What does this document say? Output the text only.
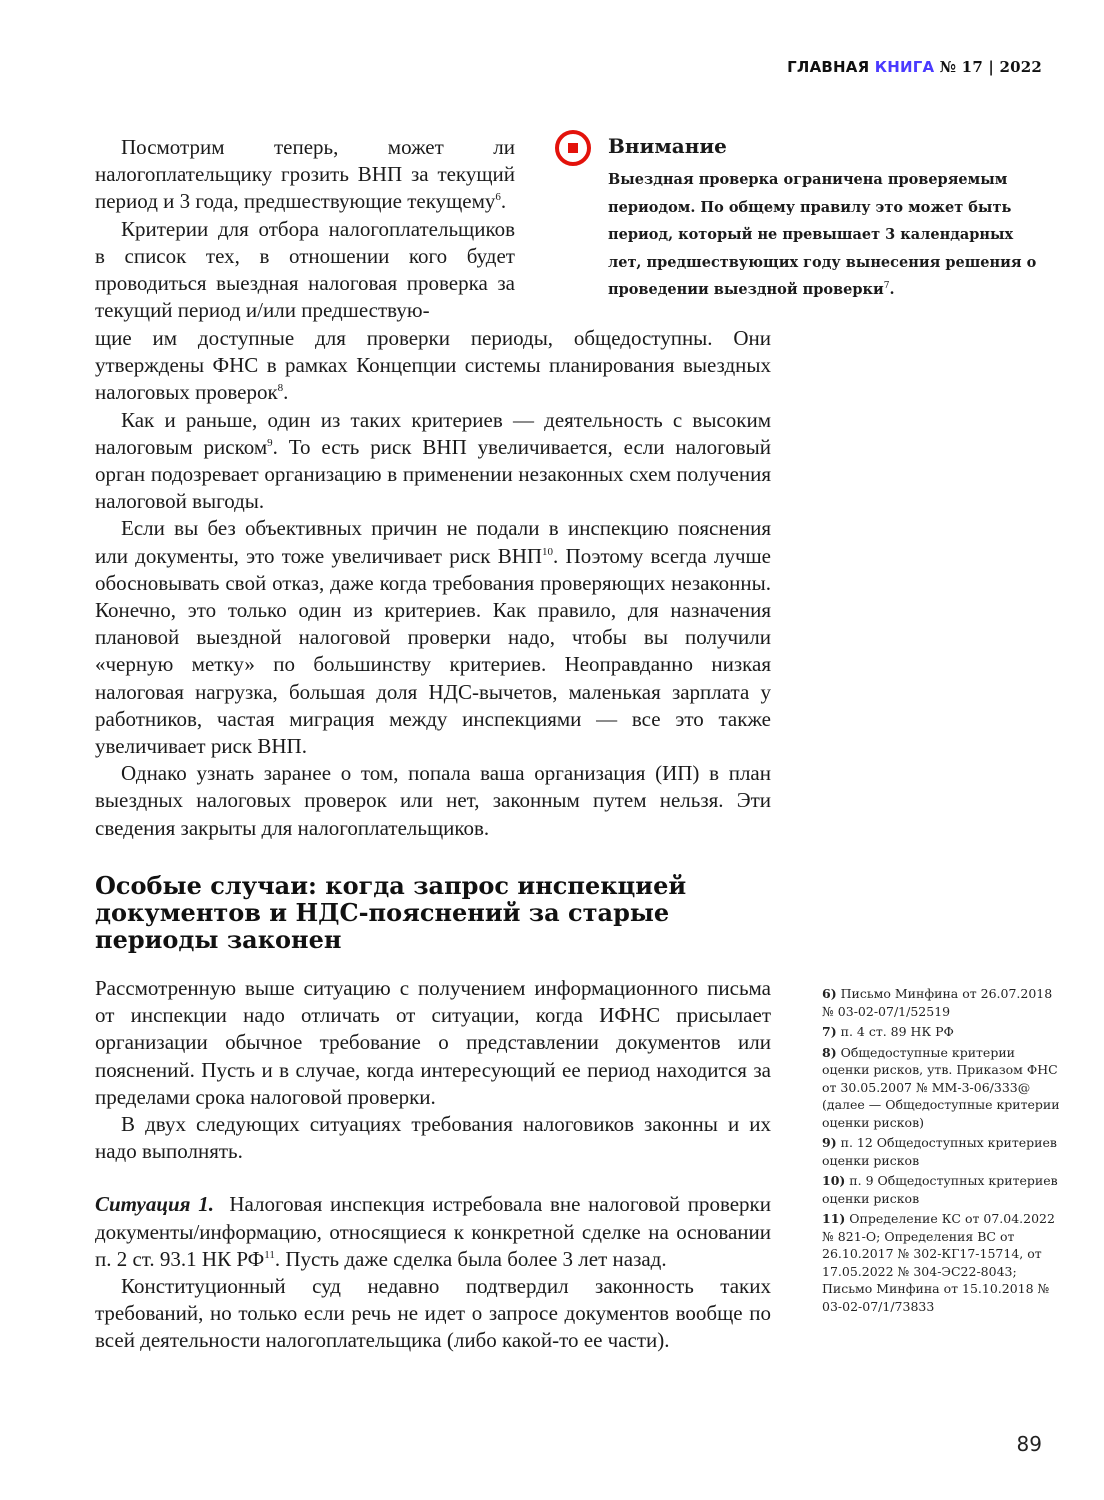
ГЛАВНАЯ КНИГА № 17 | 2022

Посмотрим теперь, может ли налогоплательщику грозить ВНП за текущий период и 3 года, предшествующие текущему$^6$.

Критерии для отбора налогоплательщиков в список тех, в отношении кого будет проводиться выездная налоговая проверка за текущий период и/или предшествую-

Внимание
Выездная проверка ограничена проверяемым периодом. По общему правилу это может быть период, который не превышает 3 календарных лет, предшествующих году вынесения решения о проведении выездной проверки$^7$.

щие им доступные для проверки периоды, общедоступны. Они утверждены ФНС в рамках Концепции системы планирования выездных налоговых проверок$^8$.

Как и раньше, один из таких критериев — деятельность с высоким налоговым риском$^9$. То есть риск ВНП увеличивается, если налоговый орган подозревает организацию в применении незаконных схем получения налоговой выгоды.

Если вы без объективных причин не подали в инспекцию пояснения или документы, это тоже увеличивает риск ВНП$^{10}$. Поэтому всегда лучше обосновывать свой отказ, даже когда требования проверяющих незаконны. Конечно, это только один из критериев. Как правило, для назначения плановой выездной налоговой проверки надо, чтобы вы получили «черную метку» по большинству критериев. Неоправданно низкая налоговая нагрузка, большая доля НДС-вычетов, маленькая зарплата у работников, частая миграция между инспекциями — все это также увеличивает риск ВНП.

Однако узнать заранее о том, попала ваша организация (ИП) в план выездных налоговых проверок или нет, законным путем нельзя. Эти сведения закрыты для налогоплательщиков.

Особые случаи: когда запрос инспекцией документов и НДС-пояснений за старые периоды законен

Рассмотренную выше ситуацию с получением информационного письма от инспекции надо отличать от ситуации, когда ИФНС присылает организации обычное требование о представлении документов или пояснений. Пусть и в случае, когда интересующий ее период находится за пределами срока налоговой проверки.

В двух следующих ситуациях требования налоговиков законны и их надо выполнять.

Ситуация 1. Налоговая инспекция истребовала вне налоговой проверки документы/информацию, относящиеся к конкретной сделке на основании п. 2 ст. 93.1 НК РФ$^{11}$. Пусть даже сделка была более 3 лет назад.

Конституционный суд недавно подтвердил законность таких требований, но только если речь не идет о запросе документов вообще по всей деятельности налогоплательщика (либо какой-то ее части).

6) Письмо Минфина от 26.07.2018 № 03-02-07/1/52519

7) п. 4 ст. 89 НК РФ

8) Общедоступные критерии оценки рисков, утв. Приказом ФНС от 30.05.2007 № ММ-3-06/333@ (далее — Общедоступные критерии оценки рисков)

9) п. 12 Общедоступных критериев оценки рисков

10) п. 9 Общедоступных критериев оценки рисков

11) Определение КС от 07.04.2022 № 821-О; Определения ВС от 26.10.2017 № 302-КГ17-15714, от 17.05.2022 № 304-ЭС22-8043; Письмо Минфина от 15.10.2018 № 03-02-07/1/73833

89
